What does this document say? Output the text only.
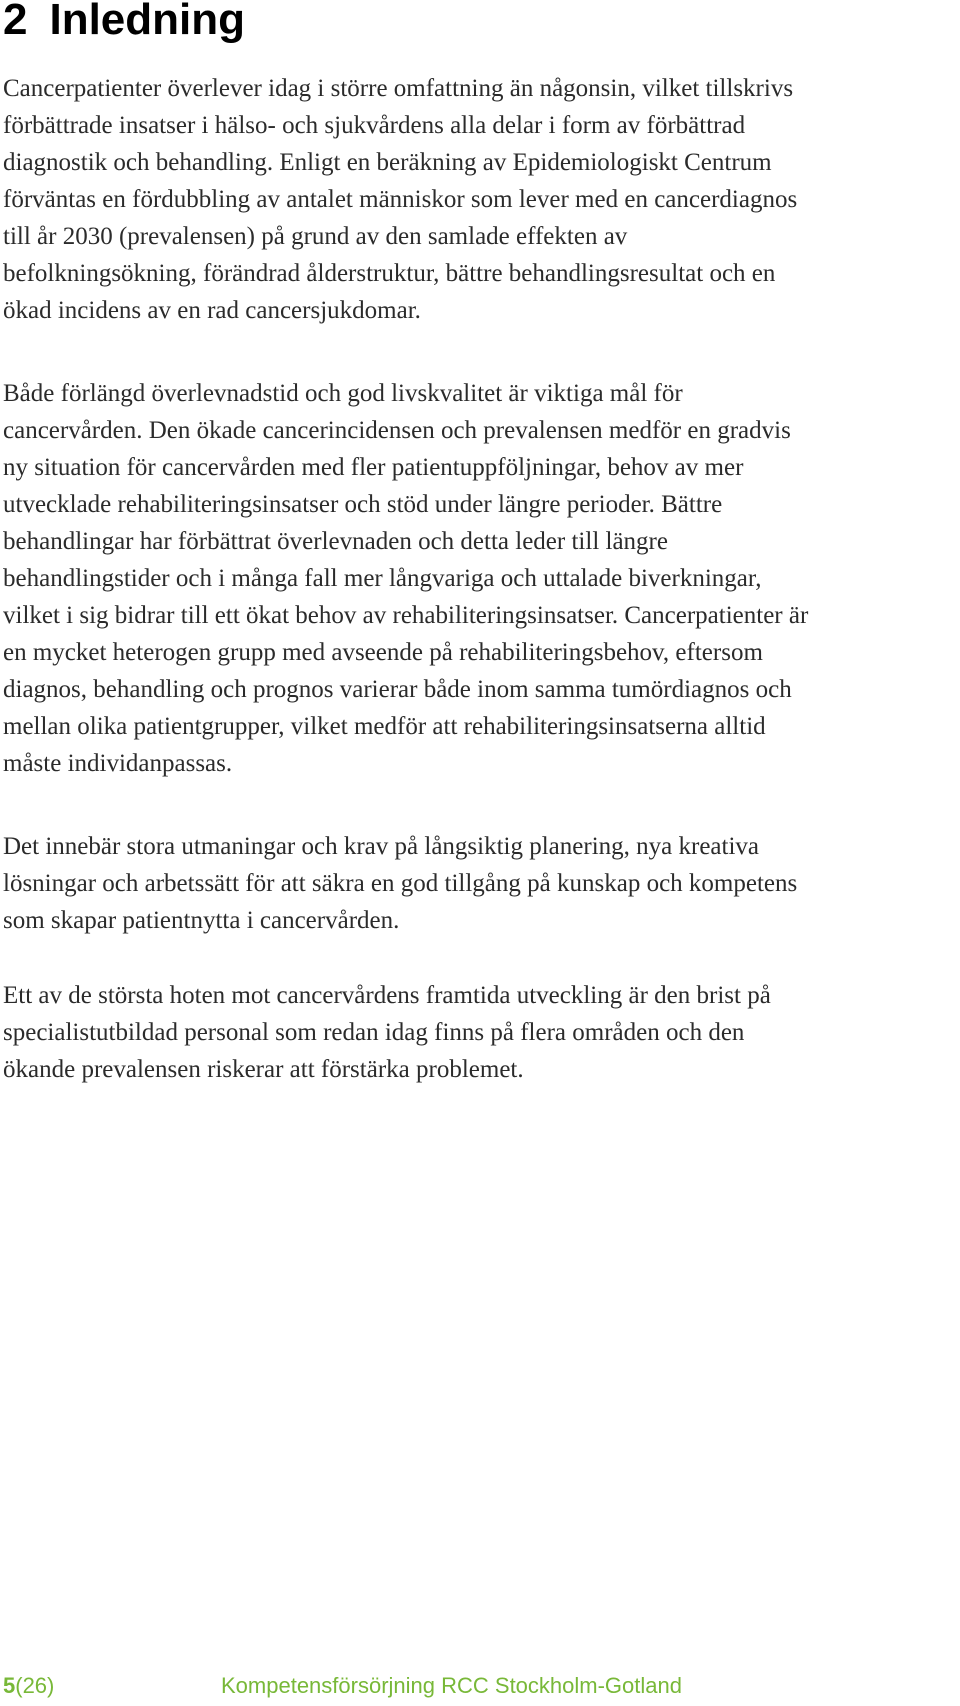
2 Inledning
Cancerpatienter överlever idag i större omfattning än någonsin, vilket tillskrivs
förbättrade insatser i hälso- och sjukvårdens alla delar i form av förbättrad
diagnostik och behandling. Enligt en beräkning av Epidemiologiskt Centrum
förväntas en fördubbling av antalet människor som lever med en cancerdiagnos
till år 2030 (prevalensen) på grund av den samlade effekten av
befolkningsökning, förändrad ålderstruktur, bättre behandlingsresultat och en
ökad incidens av en rad cancersjukdomar.
Både förlängd överlevnadstid och god livskvalitet är viktiga mål för
cancervården. Den ökade cancerincidensen och prevalensen medför en gradvis
ny situation för cancervården med fler patientuppföljningar, behov av mer
utvecklade rehabiliteringsinsatser och stöd under längre perioder. Bättre
behandlingar har förbättrat överlevnaden och detta leder till längre
behandlingstider och i många fall mer långvariga och uttalade biverkningar,
vilket i sig bidrar till ett ökat behov av rehabiliteringsinsatser. Cancerpatienter är
en mycket heterogen grupp med avseende på rehabiliteringsbehov, eftersom
diagnos, behandling och prognos varierar både inom samma tumördiagnos och
mellan olika patientgrupper, vilket medför att rehabiliteringsinsatserna alltid
måste individanpassas.
Det innebär stora utmaningar och krav på långsiktig planering, nya kreativa
lösningar och arbetssätt för att säkra en god tillgång på kunskap och kompetens
som skapar patientnytta i cancervården.
Ett av de största hoten mot cancervårdens framtida utveckling är den brist på
specialistutbildad personal som redan idag finns på flera områden och den
ökande prevalensen riskerar att förstärka problemet.
5(26)	Kompetensförsörjning RCC Stockholm-Gotland
